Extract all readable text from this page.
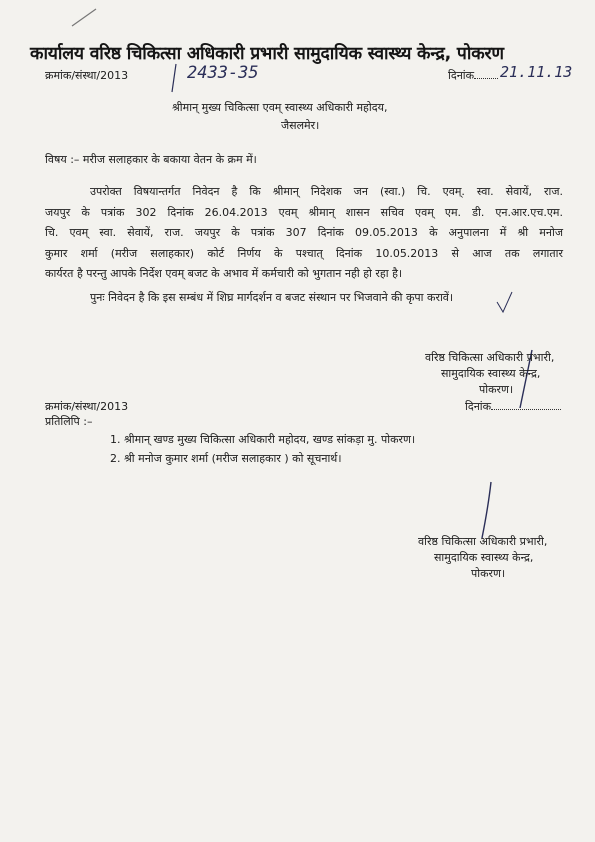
कार्यालय वरिष्ठ चिकित्सा अधिकारी प्रभारी सामुदायिक स्वास्थ्य केन्द्र, पोकरण
क्रमांक/संस्था/2013	2433-35	दिनांक	21.11.13
श्रीमान् मुख्य चिकित्सा एवम् स्वास्थ्य अधिकारी महोदय,
जैसलमेर।
विषय :– मरीज सलाहकार के बकाया वेतन के क्रम में।
उपरोक्त विषयान्तर्गत निवेदन है कि श्रीमान् निदेशक जन (स्वा.) चि. एवम्. स्वा. सेवायें, राज.
जयपुर के पत्रांक 302 दिनांक 26.04.2013 एवम् श्रीमान् शासन सचिव एवम् एम. डी. एन.आर.एच.एम.
चि. एवम् स्वा. सेवायें, राज. जयपुर के पत्रांक 307 दिनांक 09.05.2013 के अनुपालना में श्री मनोज
कुमार शर्मा (मरीज सलाहकार) कोर्ट निर्णय के पश्चात् दिनांक 10.05.2013 से आज तक लगातार
कार्यरत है परन्तु आपके निर्देश एवम् बजट के अभाव में कर्मचारी को भुगतान नही हो रहा है।
पुनः निवेदन है कि इस सम्बंध में शिघ्र मार्गदर्शन व बजट संस्थान पर भिजवाने की कृपा करावें।
वरिष्ठ चिकित्सा अधिकारी प्रभारी,
सामुदायिक स्वास्थ्य केन्द्र,
पोकरण।
क्रमांक/संस्था/2013	दिनांक
प्रतिलिपि :–
1. श्रीमान् खण्ड मुख्य चिकित्सा अधिकारी महोदय, खण्ड सांकड़ा मु. पोकरण।
2. श्री मनोज कुमार शर्मा (मरीज सलाहकार ) को सूचनार्थ।
वरिष्ठ चिकित्सा अधिकारी प्रभारी,
सामुदायिक स्वास्थ्य केन्द्र,
पोकरण।
